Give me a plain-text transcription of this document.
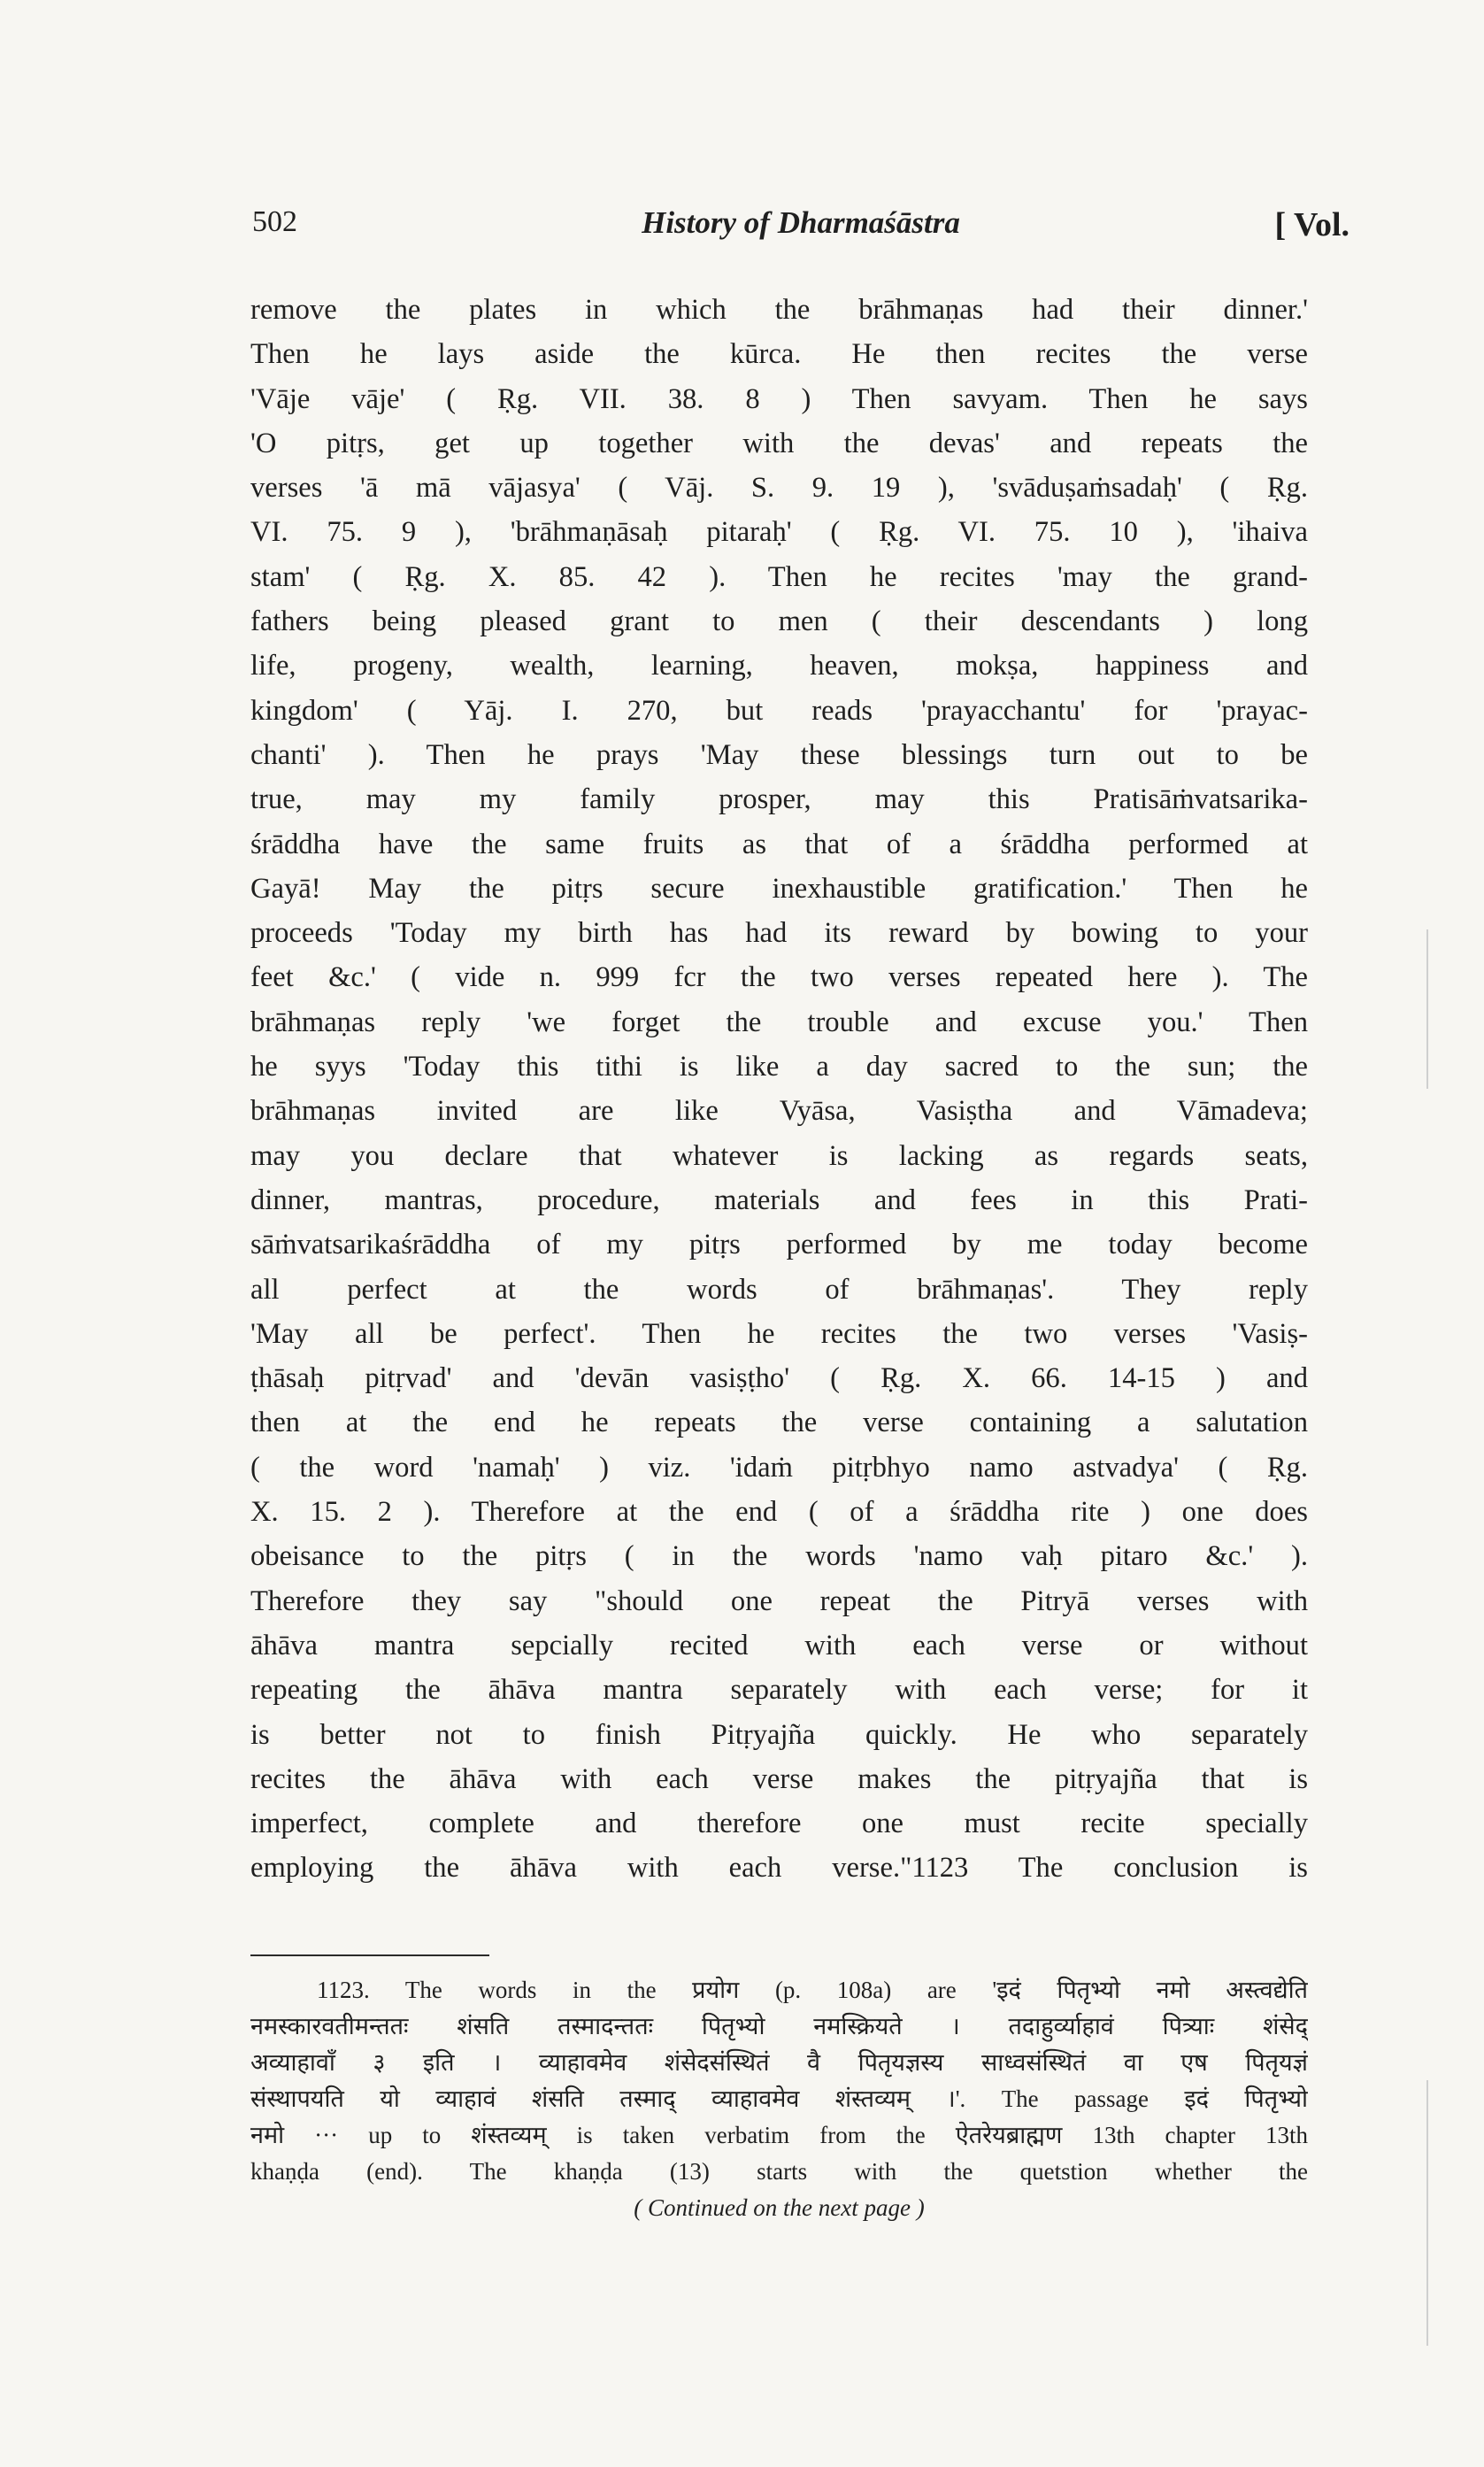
502	History of Dharmaśāstra	[ Vol.
remove the plates in which the brāhmaṇas had their dinner.'
Then he lays aside the kūrca. He then recites the verse
'Vāje vāje' ( Ṛg. VII. 38. 8 ) Then savyam. Then he says
'O pitṛs, get up together with the devas' and repeats the
verses 'ā mā vājasya' ( Vāj. S. 9. 19 ), 'svāduṣaṁsadaḥ' ( Ṛg.
VI. 75. 9 ), 'brāhmaṇāsaḥ pitaraḥ' ( Ṛg. VI. 75. 10 ), 'ihaiva
stam' ( Ṛg. X. 85. 42 ). Then he recites 'may the grand-
fathers being pleased grant to men ( their descendants ) long
life, progeny, wealth, learning, heaven, mokṣa, happiness and
kingdom' ( Yāj. I. 270, but reads 'prayacchantu' for 'prayac-
chanti' ). Then he prays 'May these blessings turn out to be
true, may my family prosper, may this Pratisāṁvatsarika-
śrāddha have the same fruits as that of a śrāddha performed at
Gayā! May the pitṛs secure inexhaustible gratification.' Then he
proceeds 'Today my birth has had its reward by bowing to your
feet &c.' ( vide n. 999 fcr the two verses repeated here ). The
brāhmaṇas reply 'we forget the trouble and excuse you.' Then
he syys 'Today this tithi is like a day sacred to the sun; the
brāhmaṇas invited are like Vyāsa, Vasiṣtha and Vāmadeva;
may you declare that whatever is lacking as regards seats,
dinner, mantras, procedure, materials and fees in this Prati-
sāṁvatsarikaśrāddha of my pitṛs performed by me today become
all perfect at the words of brāhmaṇas'. They reply
'May all be perfect'. Then he recites the two verses 'Vasiṣ-
ṭhāsaḥ pitṛvad' and 'devān vasiṣṭho' ( Ṛg. X. 66. 14-15 ) and
then at the end he repeats the verse containing a salutation
( the word 'namaḥ' ) viz. 'idaṁ pitṛbhyo namo astvadya' ( Ṛg.
X. 15. 2 ). Therefore at the end ( of a śrāddha rite ) one does
obeisance to the pitṛs ( in the words 'namo vaḥ pitaro &c.' ).
Therefore they say "should one repeat the Pitryā verses with
āhāva mantra sepcially recited with each verse or without
repeating the āhāva mantra separately with each verse; for it
is better not to finish Pitṛyajña quickly. He who separately
recites the āhāva with each verse makes the pitṛyajña that is
imperfect, complete and therefore one must recite specially
employing the āhāva with each verse."1123 The conclusion is
1123. The words in the प्रयोग (p. 108a) are 'इदं पितृभ्यो नमो अस्त्वद्येति
नमस्कारवतीमन्ततः शंसति तस्मादन्ततः पितृभ्यो नमस्क्रियते । तदाहुर्व्याहावं पित्र्याः शंसेद्
अव्याहावाँ ३ इति । व्याहावमेव शंसेदसंस्थितं वै पितृयज्ञस्य साध्वसंस्थितं वा एष पितृयज्ञं
संस्थापयति यो व्याहावं शंसति तस्माद् व्याहावमेव शंस्तव्यम् ।'. The passage इदं पितृभ्यो
नमो ··· up to शंस्तव्यम् is taken verbatim from the ऐतरेयब्राह्मण 13th chapter 13th
khaṇḍa (end). The khaṇḍa (13) starts with the quetstion whether the
( Continued on the next page )
